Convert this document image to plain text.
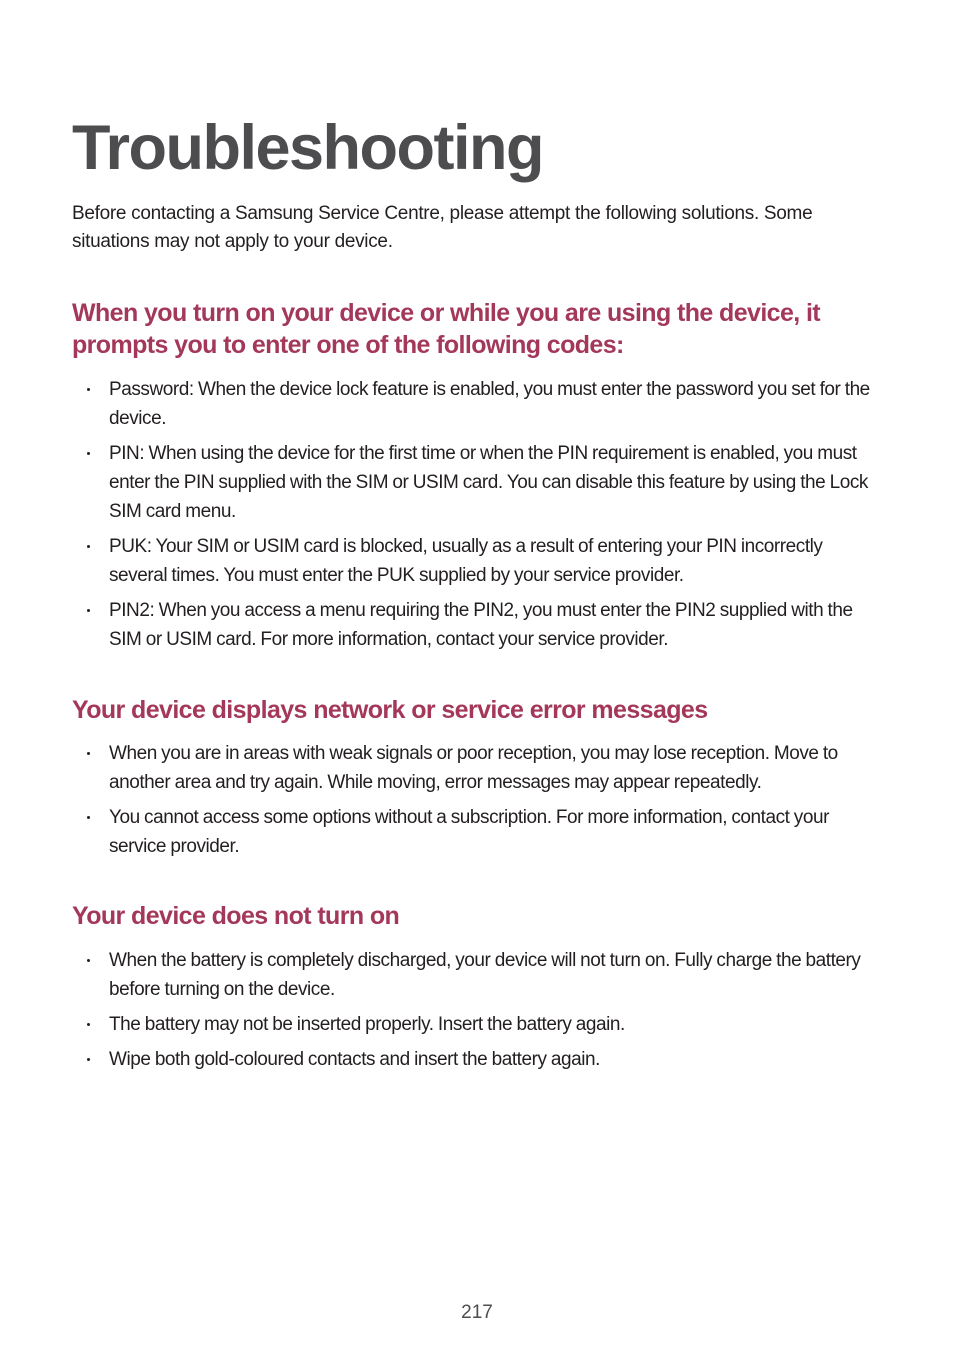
Troubleshooting

Before contacting a Samsung Service Centre, please attempt the following solutions. Some situations may not apply to your device.

When you turn on your device or while you are using the device, it prompts you to enter one of the following codes:
Password: When the device lock feature is enabled, you must enter the password you set for the device.
PIN: When using the device for the first time or when the PIN requirement is enabled, you must enter the PIN supplied with the SIM or USIM card. You can disable this feature by using the Lock SIM card menu.
PUK: Your SIM or USIM card is blocked, usually as a result of entering your PIN incorrectly several times. You must enter the PUK supplied by your service provider.
PIN2: When you access a menu requiring the PIN2, you must enter the PIN2 supplied with the SIM or USIM card. For more information, contact your service provider.
Your device displays network or service error messages
When you are in areas with weak signals or poor reception, you may lose reception. Move to another area and try again. While moving, error messages may appear repeatedly.
You cannot access some options without a subscription. For more information, contact your service provider.
Your device does not turn on
When the battery is completely discharged, your device will not turn on. Fully charge the battery before turning on the device.
The battery may not be inserted properly. Insert the battery again.
Wipe both gold-coloured contacts and insert the battery again.
217
